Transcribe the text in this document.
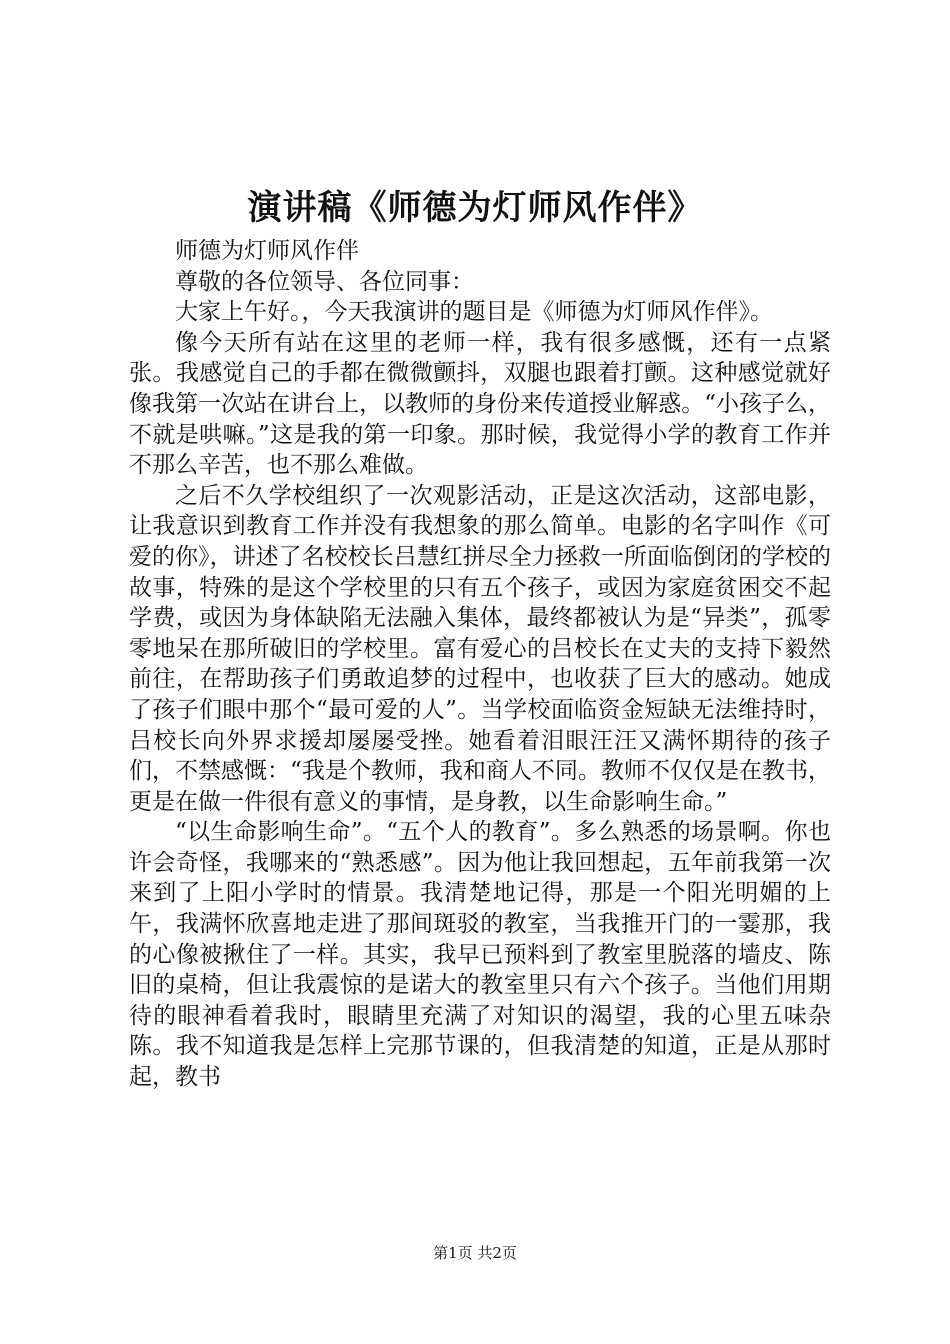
演讲稿《师德为灯师风作伴》

师德为灯师风作伴

尊敬的各位领导、各位同事：

大家上午好。，今天我演讲的题目是《师德为灯师风作伴》。

像今天所有站在这里的老师一样，我有很多感慨，还有一点紧张。我感觉自己的手都在微微颤抖，双腿也跟着打颤。这种感觉就好像我第一次站在讲台上，以教师的身份来传道授业解惑。“小孩子么，不就是哄嘛。”这是我的第一印象。那时候，我觉得小学的教育工作并不那么辛苦，也不那么难做。

之后不久学校组织了一次观影活动，正是这次活动，这部电影，让我意识到教育工作并没有我想象的那么简单。电影的名字叫作《可爱的你》，讲述了名校校长吕慧红拼尽全力拯救一所面临倒闭的学校的故事，特殊的是这个学校里的只有五个孩子，或因为家庭贫困交不起学费，或因为身体缺陷无法融入集体，最终都被认为是“异类”，孤零零地呆在那所破旧的学校里。富有爱心的吕校长在丈夫的支持下毅然前往，在帮助孩子们勇敢追梦的过程中，也收获了巨大的感动。她成了孩子们眼中那个“最可爱的人”。当学校面临资金短缺无法维持时，吕校长向外界求援却屡屡受挫。她看着泪眼汪汪又满怀期待的孩子们，不禁感慨：“我是个教师，我和商人不同。教师不仅仅是在教书，更是在做一件很有意义的事情，是身教，以生命影响生命。”

“以生命影响生命”。“五个人的教育”。多么熟悉的场景啊。你也许会奇怪，我哪来的“熟悉感”。因为他让我回想起，五年前我第一次来到了上阳小学时的情景。我清楚地记得，那是一个阳光明媚的上午，我满怀欣喜地走进了那间斑驳的教室，当我推开门的一霎那，我的心像被揪住了一样。其实，我早已预料到了教室里脱落的墙皮、陈旧的桌椅，但让我震惊的是诺大的教室里只有六个孩子。当他们用期待的眼神看着我时，眼睛里充满了对知识的渴望，我的心里五味杂陈。我不知道我是怎样上完那节课的，但我清楚的知道，正是从那时起，教书

第1页 共2页
